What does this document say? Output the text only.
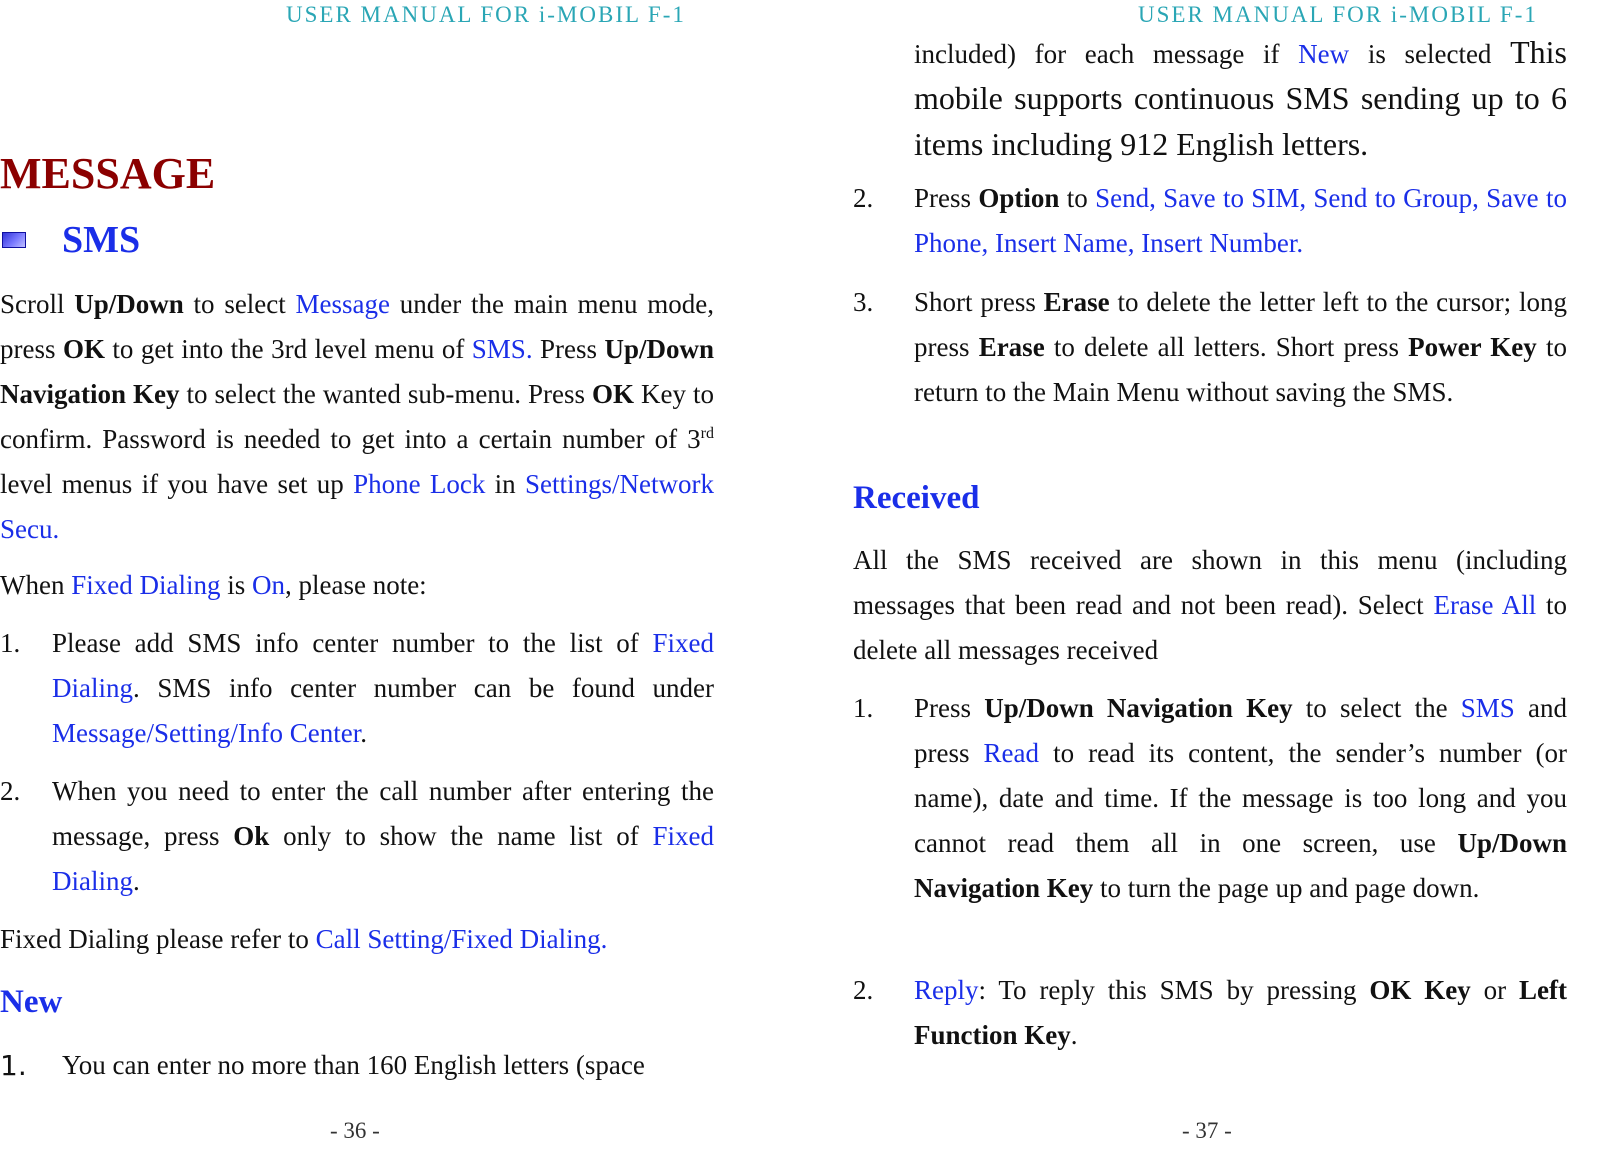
USER MANUAL FOR i-MOBIL F-1
MESSAGE
SMS

Scroll Up/Down to select Message under the main menu mode, press OK to get into the 3rd level menu of SMS. Press Up/Down Navigation Key to select the wanted sub-menu. Press OK Key to confirm. Password is needed to get into a certain number of 3rd level menus if you have set up Phone Lock in Settings/Network Secu.

When Fixed Dialing is On, please note:

1.	Please add SMS info center number to the list of Fixed Dialing. SMS info center number can be found under Message/Setting/Info Center.

2.	When you need to enter the call number after entering the message, press Ok only to show the name list of Fixed Dialing.

Fixed Dialing please refer to Call Setting/Fixed Dialing.

New
1.	You can enter no more than 160 English letters (space

- 36 -
USER MANUAL FOR i-MOBIL F-1

included) for each message if New is selected This mobile supports continuous SMS sending up to 6 items including 912 English letters.

2.	Press Option to Send, Save to SIM, Send to Group, Save to Phone, Insert Name, Insert Number.

3.	Short press Erase to delete the letter left to the cursor; long press Erase to delete all letters. Short press Power Key to return to the Main Menu without saving the SMS.

Received

All the SMS received are shown in this menu (including messages that been read and not been read). Select Erase All to delete all messages received

1.	Press Up/Down Navigation Key to select the SMS and press Read to read its content, the sender’s number (or name), date and time. If the message is too long and you cannot read them all in one screen, use Up/Down Navigation Key to turn the page up and page down.

2.	Reply: To reply this SMS by pressing OK Key or Left Function Key.

- 37 -
